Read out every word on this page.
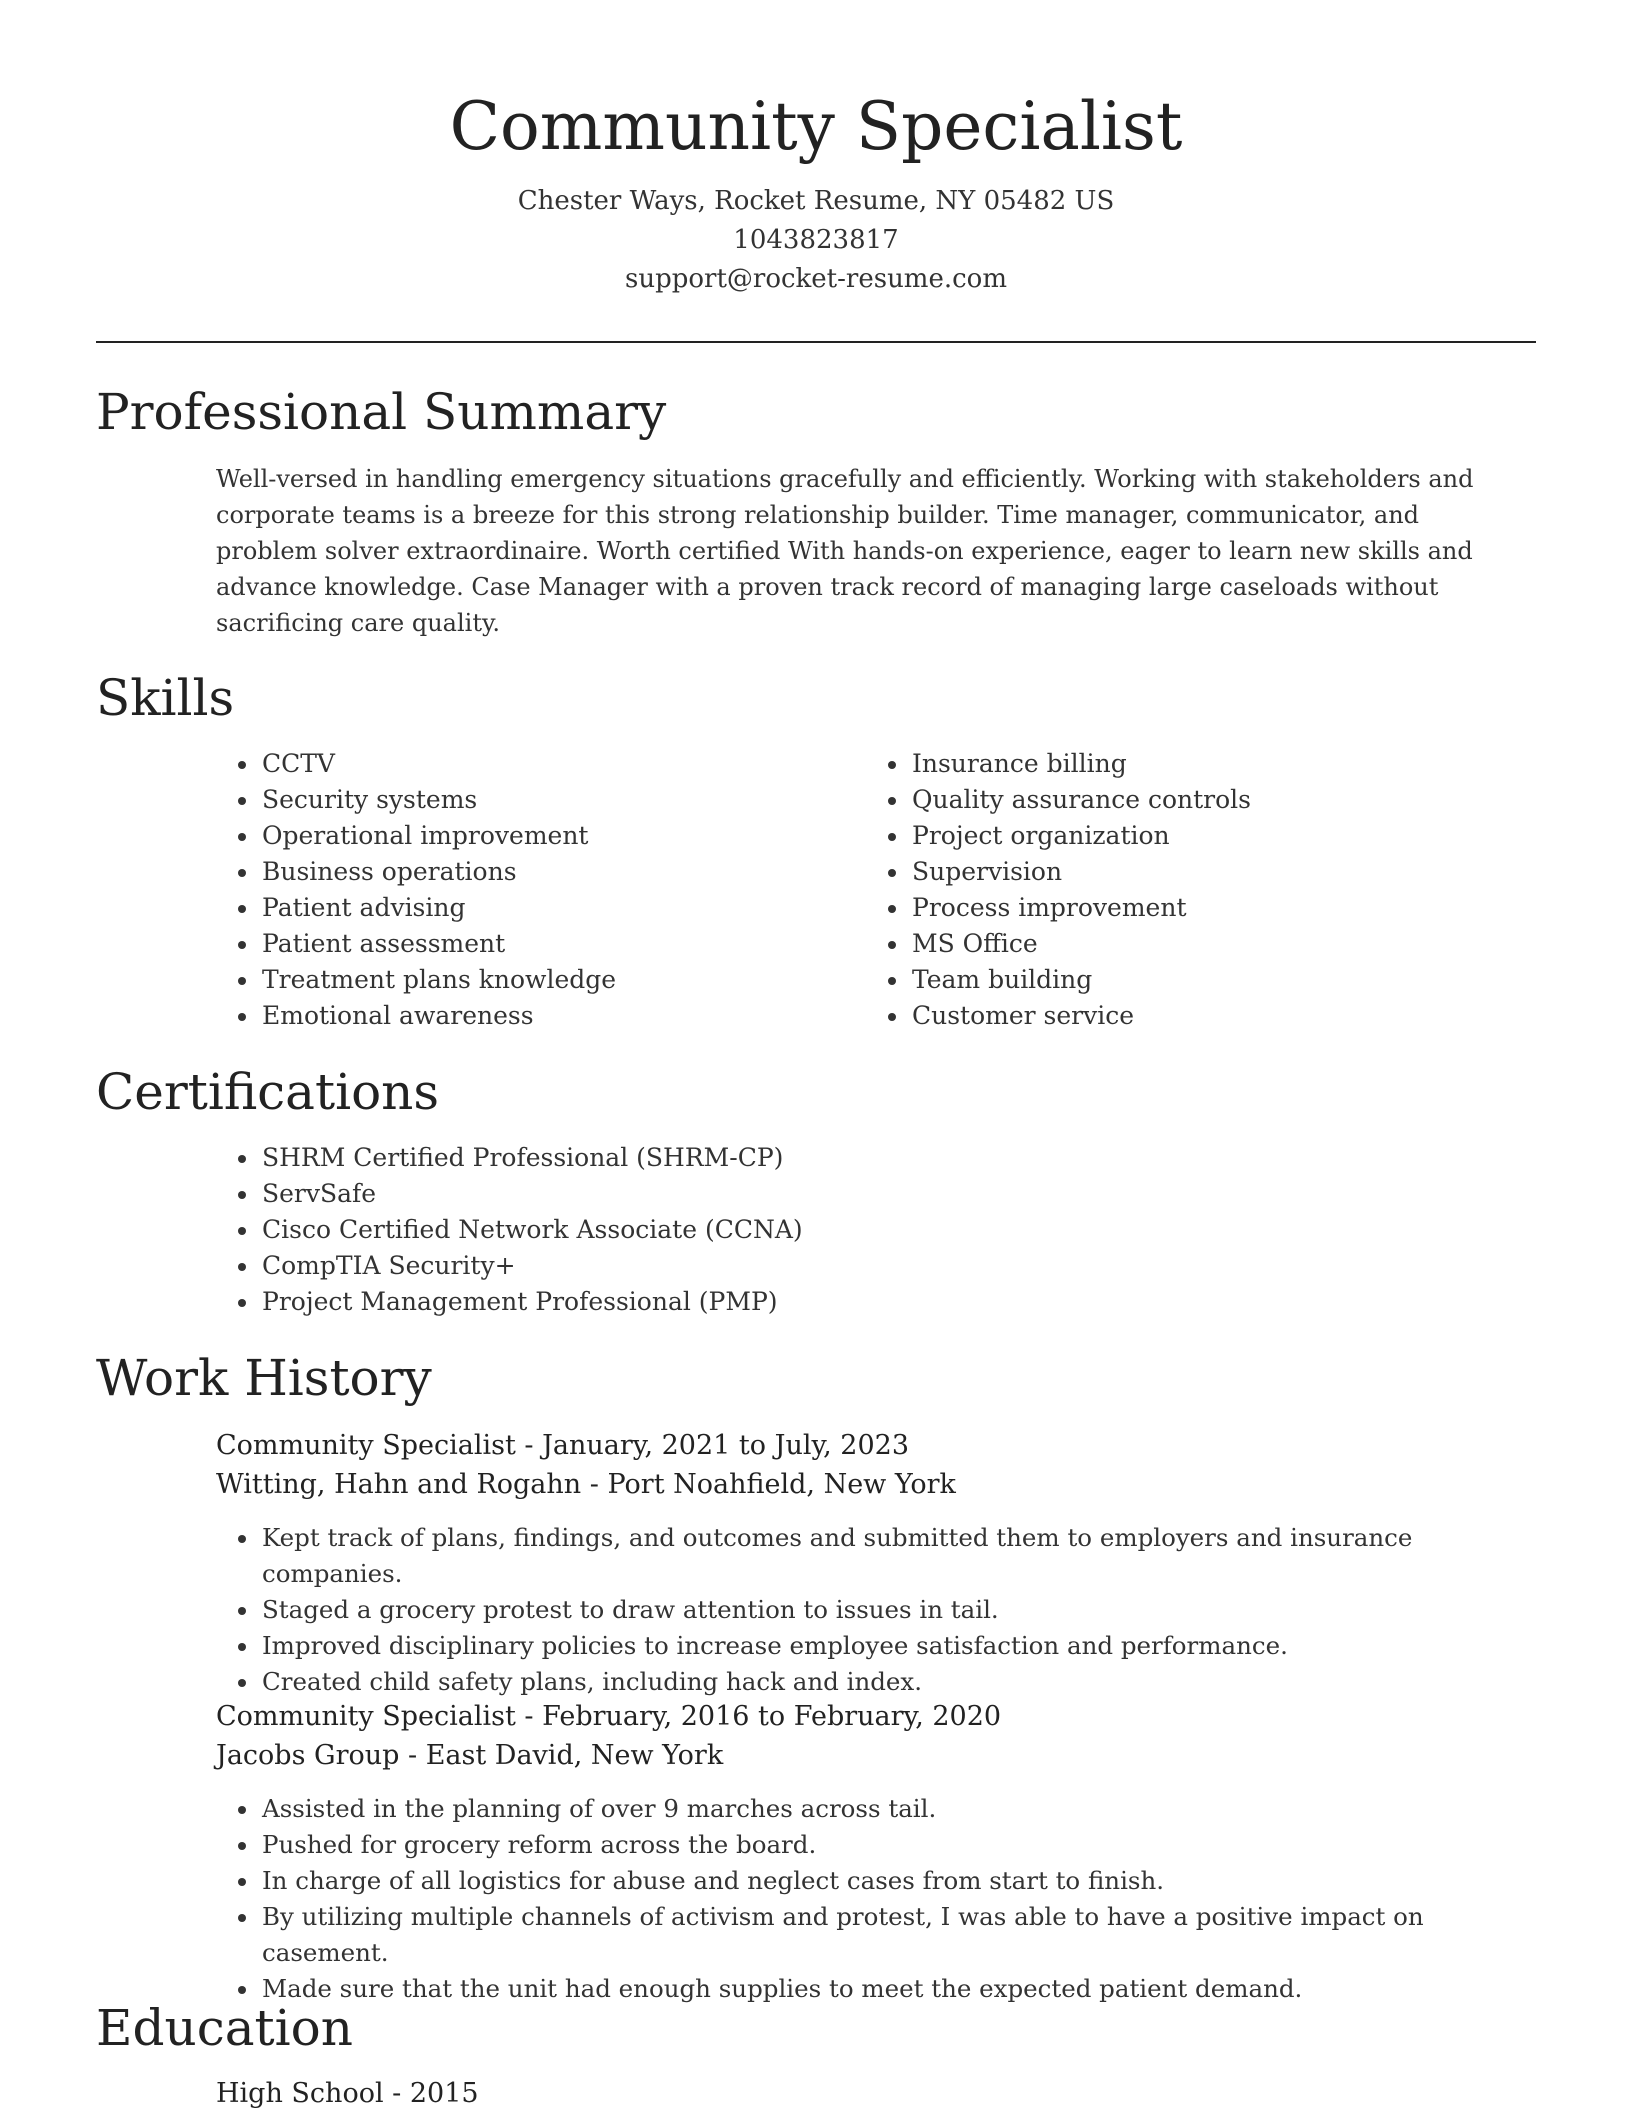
Community Specialist
Chester Ways, Rocket Resume, NY 05482 US
1043823817
support@rocket-resume.com
Professional Summary

Well-versed in handling emergency situations gracefully and efficiently. Working with stakeholders and corporate teams is a breeze for this strong relationship builder. Time manager, communicator, and problem solver extraordinaire. Worth certified With hands-on experience, eager to learn new skills and advance knowledge. Case Manager with a proven track record of managing large caseloads without sacrificing care quality.

Skills
• CCTV
• Security systems
• Operational improvement
• Business operations
• Patient advising
• Patient assessment
• Treatment plans knowledge
• Emotional awareness
• Insurance billing
• Quality assurance controls
• Project organization
• Supervision
• Process improvement
• MS Office
• Team building
• Customer service
Certifications
• SHRM Certified Professional (SHRM-CP)
• ServSafe
• Cisco Certified Network Associate (CCNA)
• CompTIA Security+
• Project Management Professional (PMP)
Work History
Community Specialist - January, 2021 to July, 2023
Witting, Hahn and Rogahn - Port Noahfield, New York
• Kept track of plans, findings, and outcomes and submitted them to employers and insurance companies.
• Staged a grocery protest to draw attention to issues in tail.
• Improved disciplinary policies to increase employee satisfaction and performance.
• Created child safety plans, including hack and index.
Community Specialist - February, 2016 to February, 2020
Jacobs Group - East David, New York
• Assisted in the planning of over 9 marches across tail.
• Pushed for grocery reform across the board.
• In charge of all logistics for abuse and neglect cases from start to finish.
• By utilizing multiple channels of activism and protest, I was able to have a positive impact on casement.
• Made sure that the unit had enough supplies to meet the expected patient demand.
Education
High School - 2015
